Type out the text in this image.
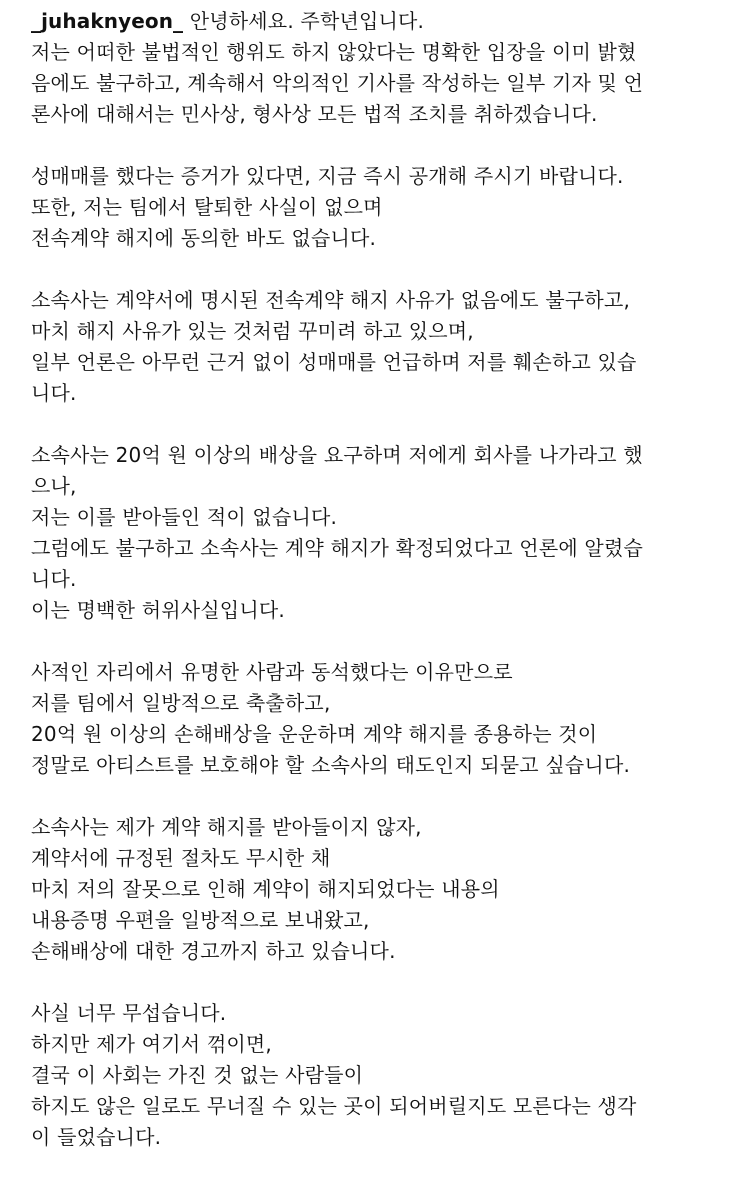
_juhaknyeon_ 안녕하세요. 주학년입니다.
저는 어떠한 불법적인 행위도 하지 않았다는 명확한 입장을 이미 밝혔
음에도 불구하고, 계속해서 악의적인 기사를 작성하는 일부 기자 및 언
론사에 대해서는 민사상, 형사상 모든 법적 조치를 취하겠습니다.
성매매를 했다는 증거가 있다면, 지금 즉시 공개해 주시기 바랍니다.
또한, 저는 팀에서 탈퇴한 사실이 없으며
전속계약 해지에 동의한 바도 없습니다.
소속사는 계약서에 명시된 전속계약 해지 사유가 없음에도 불구하고,
마치 해지 사유가 있는 것처럼 꾸미려 하고 있으며,
일부 언론은 아무런 근거 없이 성매매를 언급하며 저를 훼손하고 있습
니다.
소속사는 20억 원 이상의 배상을 요구하며 저에게 회사를 나가라고 했
으나,
저는 이를 받아들인 적이 없습니다.
그럼에도 불구하고 소속사는 계약 해지가 확정되었다고 언론에 알렸습
니다.
이는 명백한 허위사실입니다.
사적인 자리에서 유명한 사람과 동석했다는 이유만으로
저를 팀에서 일방적으로 축출하고,
20억 원 이상의 손해배상을 운운하며 계약 해지를 종용하는 것이
정말로 아티스트를 보호해야 할 소속사의 태도인지 되묻고 싶습니다.
소속사는 제가 계약 해지를 받아들이지 않자,
계약서에 규정된 절차도 무시한 채
마치 저의 잘못으로 인해 계약이 해지되었다는 내용의
내용증명 우편을 일방적으로 보내왔고,
손해배상에 대한 경고까지 하고 있습니다.
사실 너무 무섭습니다.
하지만 제가 여기서 꺾이면,
결국 이 사회는 가진 것 없는 사람들이
하지도 않은 일로도 무너질 수 있는 곳이 되어버릴지도 모른다는 생각
이 들었습니다.
